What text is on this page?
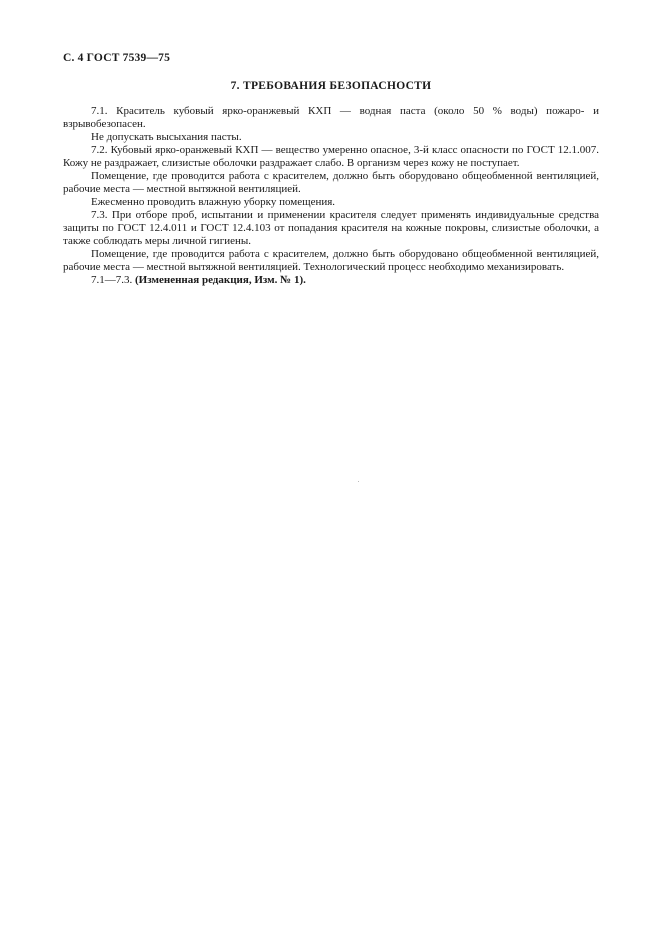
С. 4 ГОСТ 7539—75
7. ТРЕБОВАНИЯ БЕЗОПАСНОСТИ

7.1. Краситель кубовый ярко-оранжевый КХП — водная паста (около 50 % воды) пожаро- и взрывобезопасен.

Не допускать высыхания пасты.

7.2. Кубовый ярко-оранжевый КХП — вещество умеренно опасное, 3-й класс опасности по ГОСТ 12.1.007. Кожу не раздражает, слизистые оболочки раздражает слабо. В организм через кожу не поступает.

Помещение, где проводится работа с красителем, должно быть оборудовано общеобменной вентиляцией, рабочие места — местной вытяжной вентиляцией.

Ежесменно проводить влажную уборку помещения.

7.3. При отборе проб, испытании и применении красителя следует применять индивидуальные средства защиты по ГОСТ 12.4.011 и ГОСТ 12.4.103 от попадания красителя на кожные покровы, слизистые оболочки, а также соблюдать меры личной гигиены.

Помещение, где проводится работа с красителем, должно быть оборудовано общеобменной вентиляцией, рабочие места — местной вытяжной вентиляцией. Технологический процесс необходимо механизировать.

7.1—7.3. (Измененная редакция, Изм. № 1).
